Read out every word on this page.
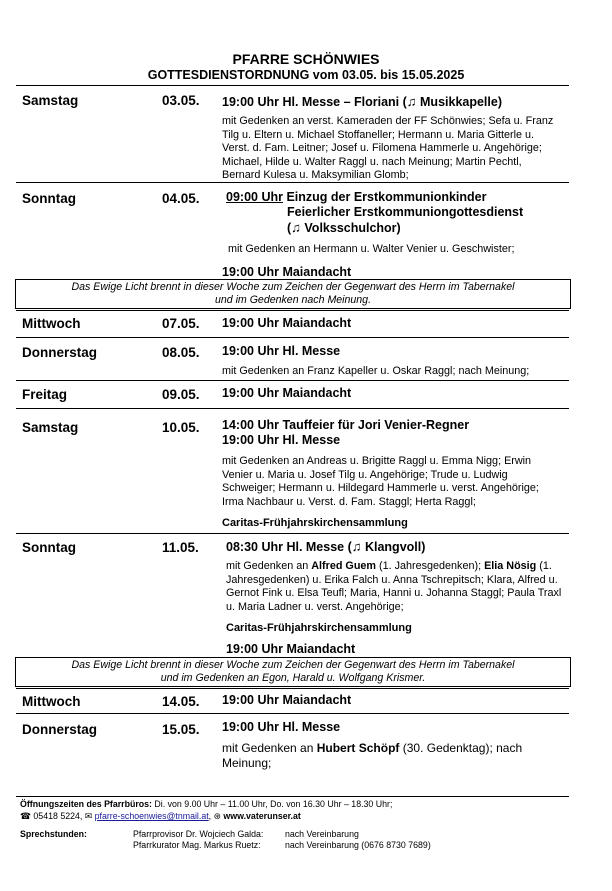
PFARRE SCHÖNWIES
GOTTESDIENSTORDNUNG vom 03.05. bis 15.05.2025
Samstag	03.05. 19:00 Uhr Hl. Messe – Floriani (♫ Musikkapelle)
mit Gedenken an verst. Kameraden der FF Schönwies; Sefa u. Franz Tilg u. Eltern u. Michael Stoffaneller; Hermann u. Maria Gitterle u. Verst. d. Fam. Leitner; Josef u. Filomena Hammerle u. Angehörige; Michael, Hilde u. Walter Raggl u. nach Meinung; Martin Pechtl, Bernard Kulesa u. Maksymilian Glomb;
Sonntag	04.05. 09:00 Uhr Einzug der Erstkommunionkinder
Feierlicher Erstkommuniongottesdienst
(♫ Volksschulchor)
mit Gedenken an Hermann u. Walter Venier u. Geschwister;
19:00 Uhr Maiandacht
Das Ewige Licht brennt in dieser Woche zum Zeichen der Gegenwart des Herrn im Tabernakel
und im Gedenken nach Meinung.
Mittwoch	07.05. 19:00 Uhr Maiandacht
Donnerstag	08.05. 19:00 Uhr Hl. Messe
mit Gedenken an Franz Kapeller u. Oskar Raggl; nach Meinung;
Freitag	09.05. 19:00 Uhr Maiandacht
Samstag	10.05. 14:00 Uhr Tauffeier für Jori Venier-Regner
19:00 Uhr Hl. Messe
mit Gedenken an Andreas u. Brigitte Raggl u. Emma Nigg; Erwin Venier u. Maria u. Josef Tilg u. Angehörige; Trude u. Ludwig Schweiger; Hermann u. Hildegard Hammerle u. verst. Angehörige; Irma Nachbaur u. Verst. d. Fam. Staggl; Herta Raggl;
Caritas-Frühjahrskirchensammlung
Sonntag	11.05. 08:30 Uhr Hl. Messe (♫ Klangvoll)
mit Gedenken an Alfred Guem (1. Jahresgedenken); Elia Nösig (1. Jahresgedenken) u. Erika Falch u. Anna Tschrepitsch; Klara, Alfred u. Gernot Fink u. Elsa Teufl; Maria, Hanni u. Johanna Staggl; Paula Traxl u. Maria Ladner u. verst. Angehörige;
Caritas-Frühjahrskirchensammlung
19:00 Uhr Maiandacht
Das Ewige Licht brennt in dieser Woche zum Zeichen der Gegenwart des Herrn im Tabernakel
und im Gedenken an Egon, Harald u. Wolfgang Krismer.
Mittwoch	14.05. 19:00 Uhr Maiandacht
Donnerstag	15.05. 19:00 Uhr Hl. Messe
mit Gedenken an Hubert Schöpf (30. Gedenktag); nach Meinung;
Öffnungszeiten des Pfarrbüros: Di. von 9.00 Uhr – 11.00 Uhr, Do. von 16.30 Uhr – 18.30 Uhr;
☎ 05418 5224, ✉ pfarre-schoenwies@tnmail.at, ⊛ www.vaterunser.at
Sprechstunden:	Pfarrprovisor Dr. Wojciech Galda: nach Vereinbarung
Pfarrkurator Mag. Markus Ruetz:	nach Vereinbarung (0676 8730 7689)
